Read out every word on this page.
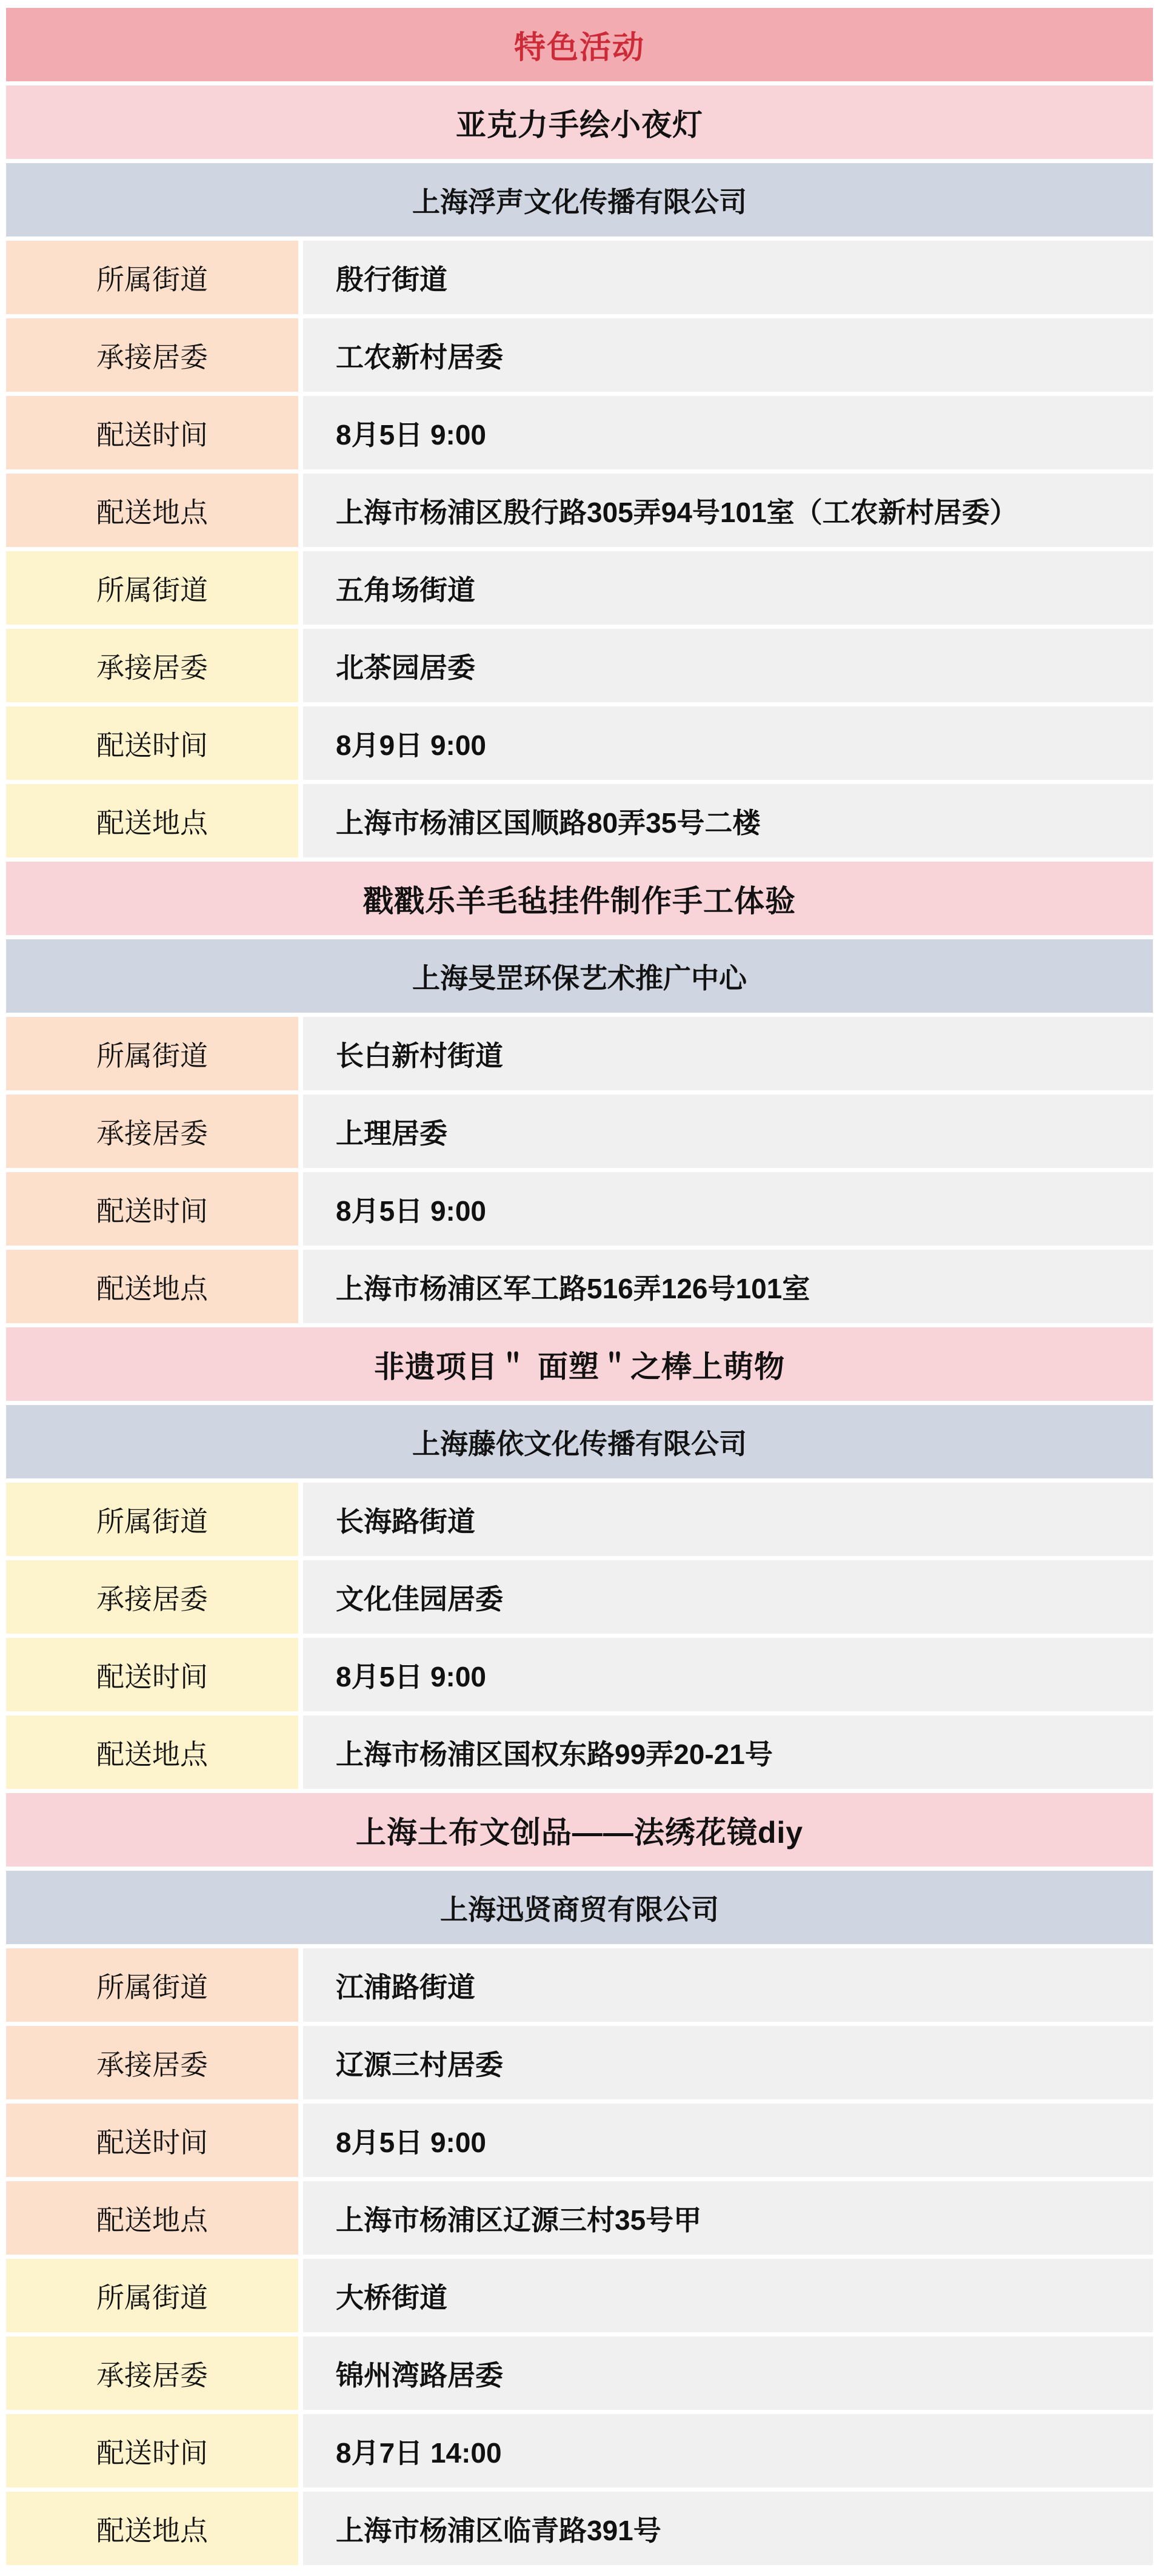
特色活动
亚克力手绘小夜灯
上海浮声文化传播有限公司
所属街道	殷行街道
承接居委	工农新村居委
配送时间	8月5日 9:00
配送地点	上海市杨浦区殷行路305弄94号101室（工农新村居委）
所属街道	五角场街道
承接居委	北茶园居委
配送时间	8月9日 9:00
配送地点	上海市杨浦区国顺路80弄35号二楼
戳戳乐羊毛毡挂件制作手工体验
上海旻罡环保艺术推广中心
所属街道	长白新村街道
承接居委	上理居委
配送时间	8月5日 9:00
配送地点	上海市杨浦区军工路516弄126号101室
非遗项目＂ 面塑＂之棒上萌物
上海藤依文化传播有限公司
所属街道	长海路街道
承接居委	文化佳园居委
配送时间	8月5日 9:00
配送地点	上海市杨浦区国权东路99弄20-21号
上海土布文创品——法绣花镜diy
上海迅贤商贸有限公司
所属街道	江浦路街道
承接居委	辽源三村居委
配送时间	8月5日 9:00
配送地点	上海市杨浦区辽源三村35号甲
所属街道	大桥街道
承接居委	锦州湾路居委
配送时间	8月7日 14:00
配送地点	上海市杨浦区临青路391号
